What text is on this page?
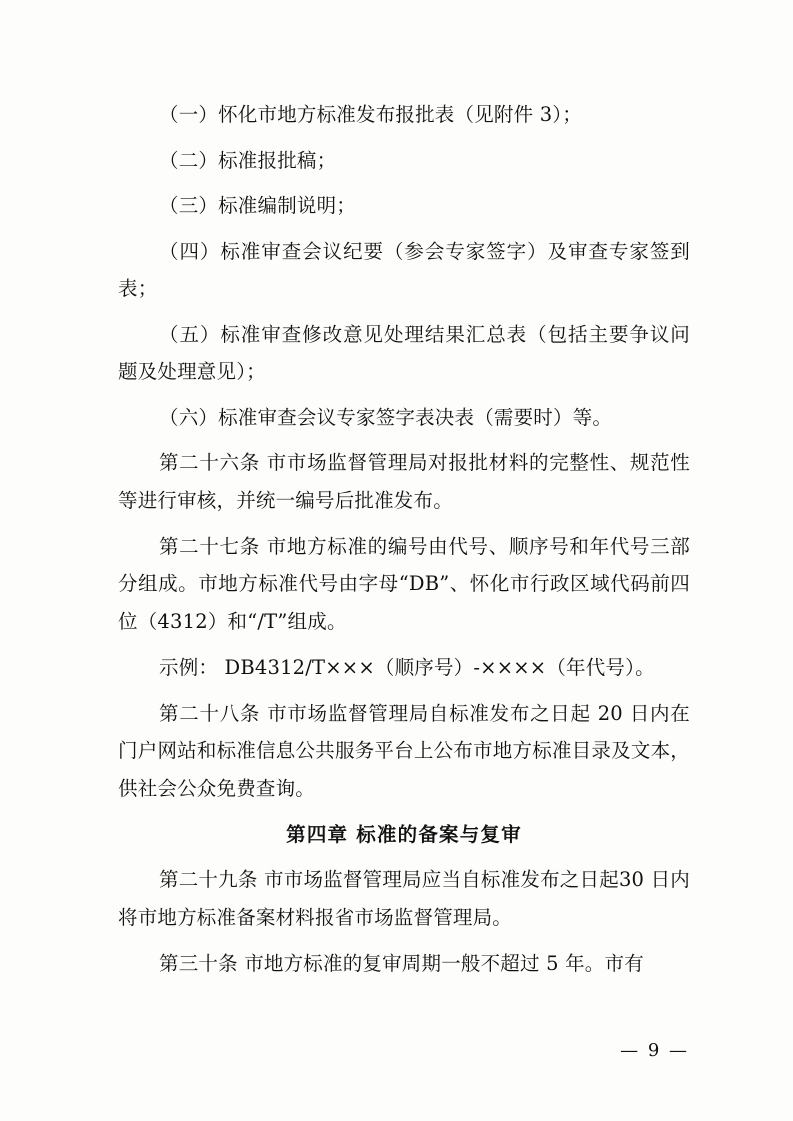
（一）怀化市地方标准发布报批表（见附件 3）；

（二）标准报批稿；

（三）标准编制说明；

（四）标准审查会议纪要（参会专家签字）及审查专家签到表；

（五）标准审查修改意见处理结果汇总表（包括主要争议问题及处理意见）；

（六）标准审查会议专家签字表决表（需要时）等。

第二十六条 市市场监督管理局对报批材料的完整性、规范性等进行审核，并统一编号后批准发布。

第二十七条 市地方标准的编号由代号、顺序号和年代号三部分组成。市地方标准代号由字母“DB”、怀化市行政区域代码前四位（4312）和“/T”组成。

示例： DB4312/T×××（顺序号）-××××（年代号）。

第二十八条 市市场监督管理局自标准发布之日起 20 日内在门户网站和标准信息公共服务平台上公布市地方标准目录及文本，供社会公众免费查询。

第四章 标准的备案与复审

第二十九条 市市场监督管理局应当自标准发布之日起30 日内将市地方标准备案材料报省市场监督管理局。

第三十条 市地方标准的复审周期一般不超过 5 年。市有

— 9 —
